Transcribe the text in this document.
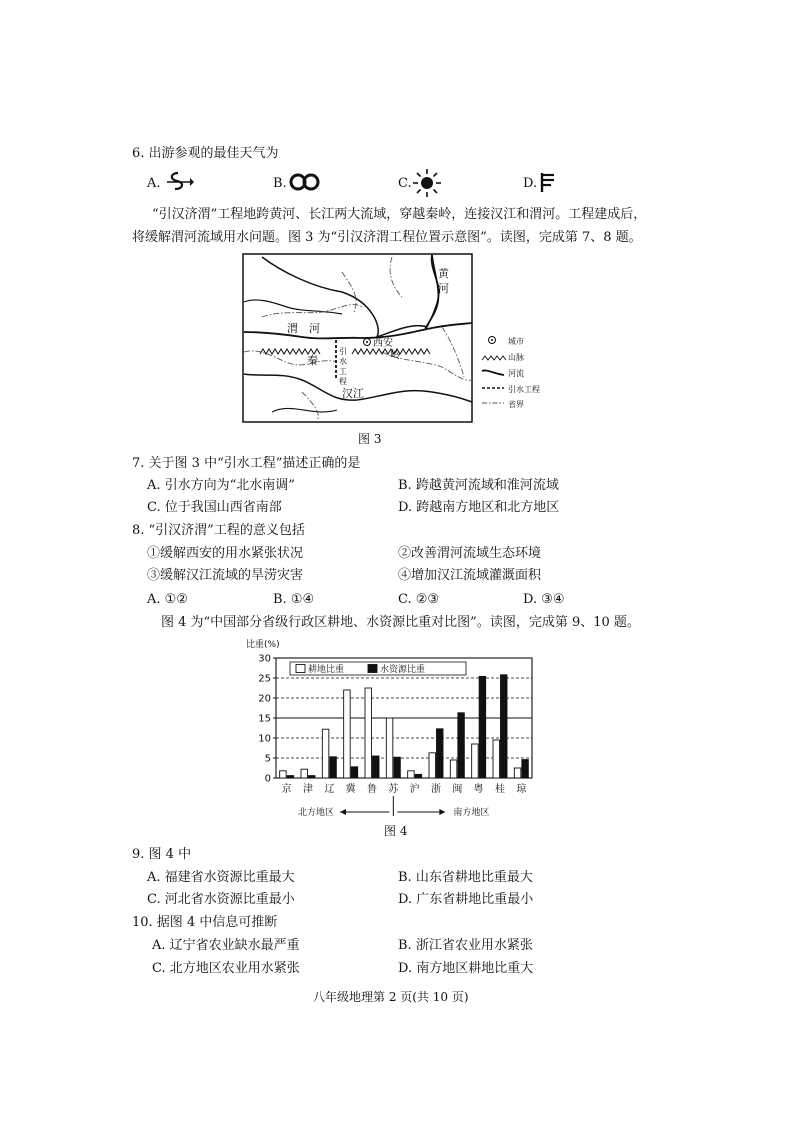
6. 出游参观的最佳天气为
A.	B.	C.	D.
“引汉济渭”工程地跨黄河、长江两大流域，穿越秦岭，连接汉江和渭河。工程建成后，
将缓解渭河流域用水问题。图 3 为“引汉济渭工程位置示意图”。读图，完成第 7、8 题。
黄
河
渭　河
西安
秦	岭
引
水
工
程
汉江
城市
山脉
河流
引水工程
省界
图 3
7. 关于图 3 中“引水工程”描述正确的是
A. 引水方向为“北水南调”	B. 跨越黄河流域和淮河流域
C. 位于我国山西省南部	D. 跨越南方地区和北方地区
8. “引汉济渭”工程的意义包括
①缓解西安的用水紧张状况	②改善渭河流域生态环境
③缓解汉江流域的旱涝灾害	④增加汉江流域灌溉面积
A. ①②	B. ①④	C. ②③	D. ③④
图 4 为“中国部分省级行政区耕地、水资源比重对比图”。读图，完成第 9、10 题。
比重(%)
0
5
10
15
20
25
30
京 津 辽 冀 鲁 苏 沪 浙 闽 粤 桂 琼
耕地比重	水资源比重
北方地区	南方地区
图 4
9. 图 4 中
A. 福建省水资源比重最大	B. 山东省耕地比重最大
C. 河北省水资源比重最小	D. 广东省耕地比重最小
10. 据图 4 中信息可推断
A. 辽宁省农业缺水最严重	B. 浙江省农业用水紧张
C. 北方地区农业用水紧张	D. 南方地区耕地比重大
八年级地理第 2 页(共 10 页)
